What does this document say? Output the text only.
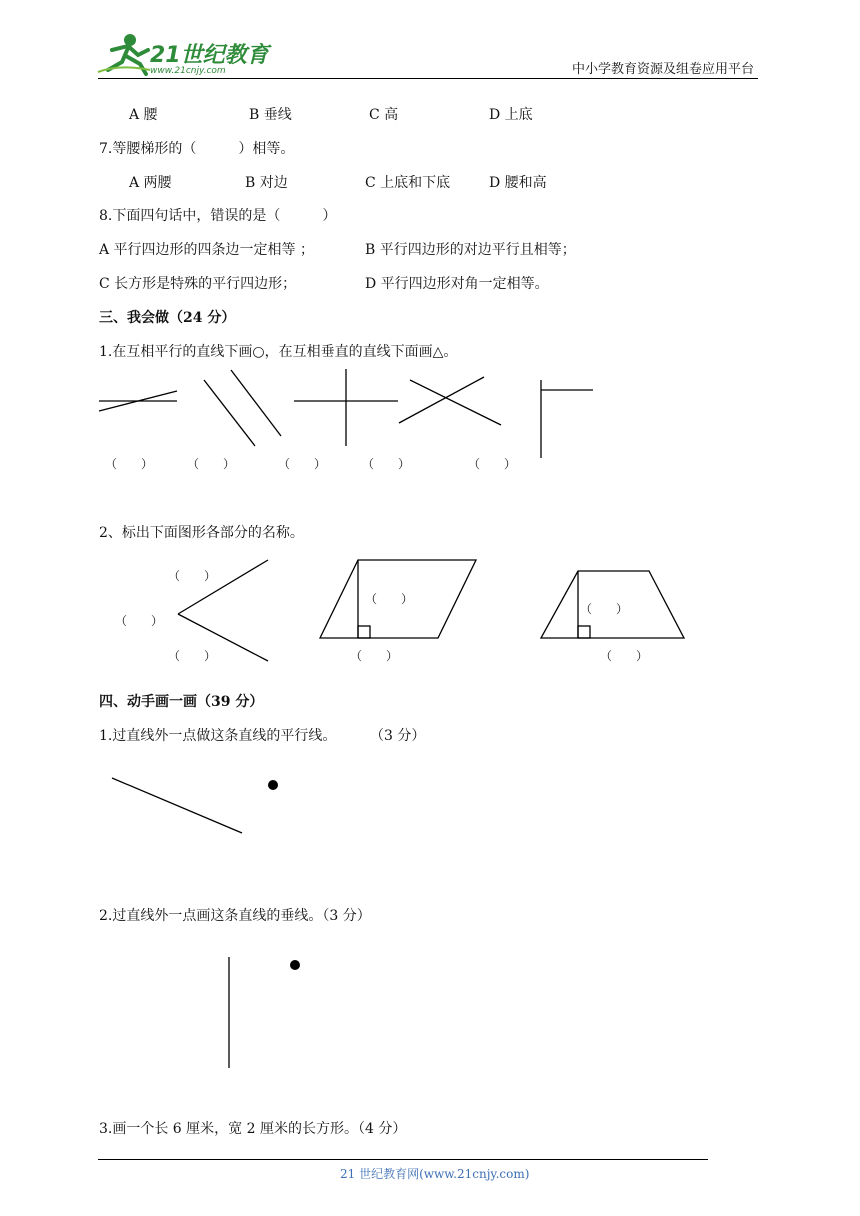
21世纪教育
www.21cnjy.com	中小学教育资源及组卷应用平台
A 腰	B 垂线	C 高	D 上底
7.等腰梯形的（　　　）相等。
A 两腰	B 对边	C 上底和下底	D 腰和高
8.下面四句话中，错误的是（　　　）
A 平行四边形的四条边一定相等 ；	B 平行四边形的对边平行且相等；
C 长方形是特殊的平行四边形；	D 平行四边形对角一定相等。
三、我会做（24 分）
1.在互相平行的直线下画○，在互相垂直的直线下面画△。
（　　）	（　　）	（　　）	（　　）	（　　）
2、标出下面图形各部分的名称。
（　　）
（　　）
（　　）
（　　）
（　　）
（　　）
（　　）
四、动手画一画（39 分）
1.过直线外一点做这条直线的平行线。 （3 分）
2.过直线外一点画这条直线的垂线。（3 分）
3.画一个长 6 厘米，宽 2 厘米的长方形。（4 分）
21 世纪教育网(www.21cnjy.com)
